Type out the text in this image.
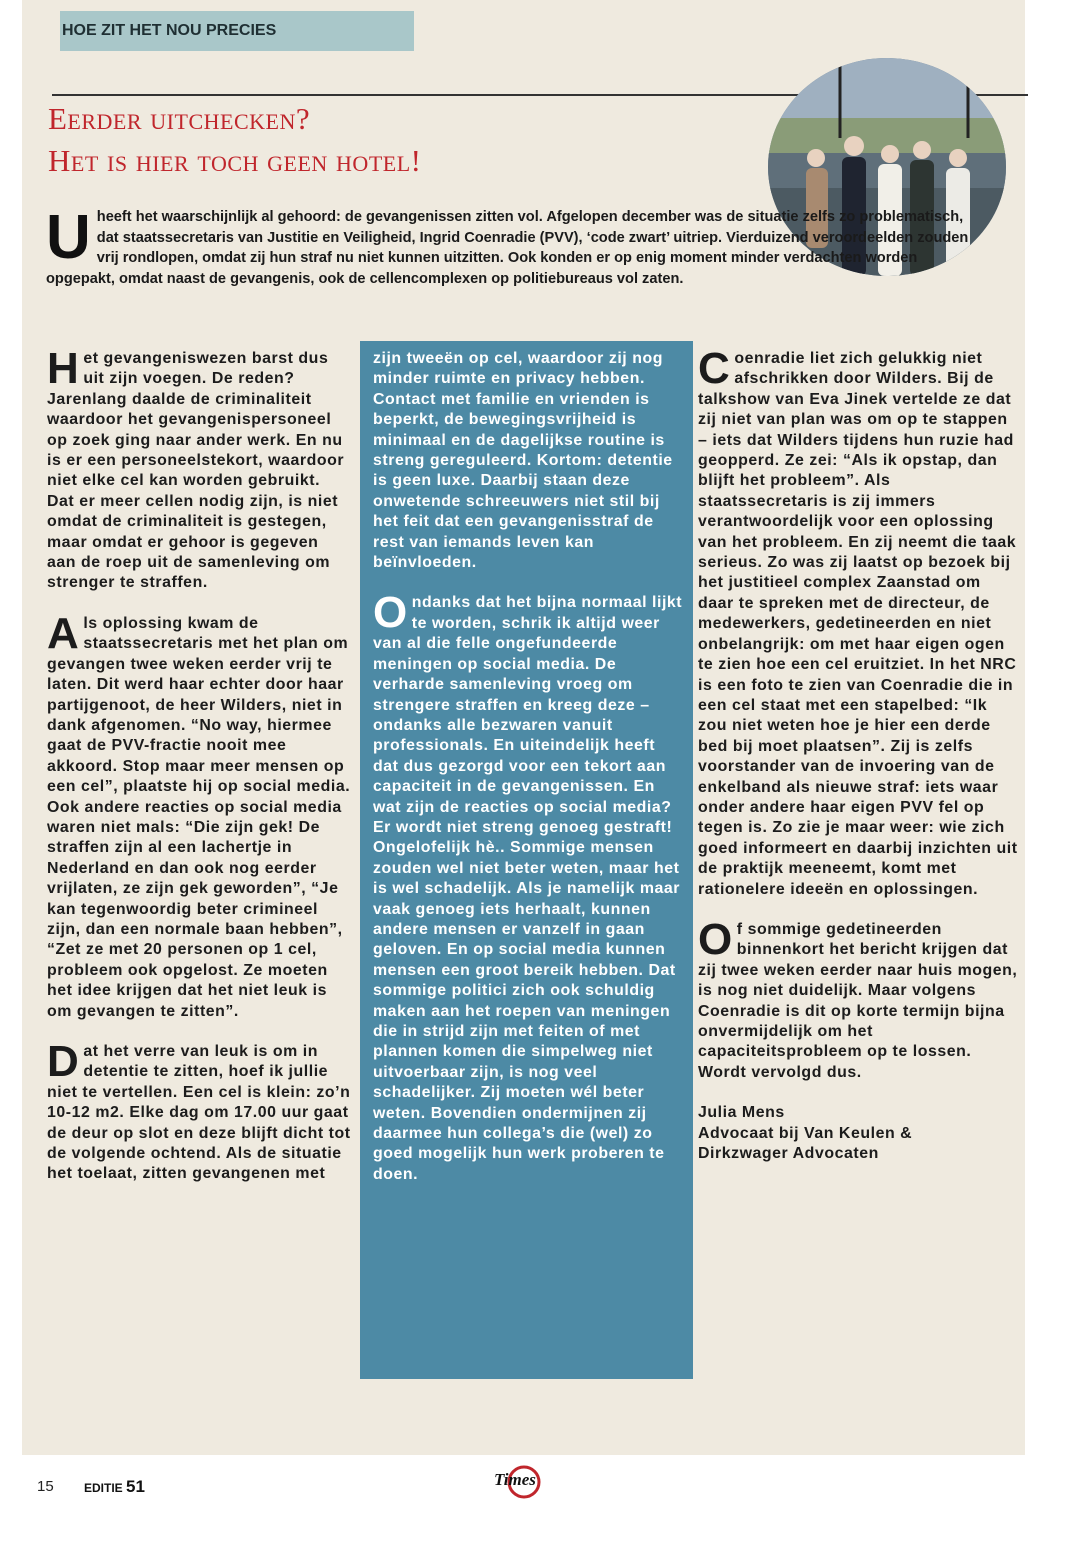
HOE ZIT HET NOU PRECIES
Eerder uitchecken?
Het is hier toch geen hotel!
U heeft het waarschijnlijk al gehoord: de gevangenissen zitten vol. Afgelopen december was de situatie zelfs zo problematisch, dat staatssecretaris van Justitie en Veiligheid, Ingrid Coenradie (PVV), ‘code zwart’ uitriep. Vierduizend veroordeelden zouden vrij rondlopen, omdat zij hun straf nu niet kunnen uitzitten. Ook konden er op enig moment minder verdachten worden opgepakt, omdat naast de gevangenis, ook de cellencomplexen op politiebureaus vol zaten.

Het gevangeniswezen barst dus uit zijn voegen. De reden? Jarenlang daalde de criminaliteit waardoor het gevangenispersoneel op zoek ging naar ander werk. En nu is er een personeelstekort, waardoor niet elke cel kan worden gebruikt. Dat er meer cellen nodig zijn, is niet omdat de criminaliteit is gestegen, maar omdat er gehoor is gegeven aan de roep uit de samenleving om strenger te straffen.

Als oplossing kwam de staatssecretaris met het plan om gevangen twee weken eerder vrij te laten. Dit werd haar echter door haar partijgenoot, de heer Wilders, niet in dank afgenomen. “No way, hiermee gaat de PVV-fractie nooit mee akkoord. Stop maar meer mensen op een cel”, plaatste hij op social media. Ook andere reacties op social media waren niet mals: “Die zijn gek! De straffen zijn al een lachertje in Nederland en dan ook nog eerder vrijlaten, ze zijn gek geworden”, “Je kan tegenwoordig beter crimineel zijn, dan een normale baan hebben”, “Zet ze met 20 personen op 1 cel, probleem ook opgelost. Ze moeten het idee krijgen dat het niet leuk is om gevangen te zitten”.

Dat het verre van leuk is om in detentie te zitten, hoef ik jullie niet te vertellen. Een cel is klein: zo’n 10-12 m2. Elke dag om 17.00 uur gaat de deur op slot en deze blijft dicht tot de volgende ochtend. Als de situatie het toelaat, zitten gevangenen met

zijn tweeën op cel, waardoor zij nog minder ruimte en privacy hebben. Contact met familie en vrienden is beperkt, de bewegingsvrijheid is minimaal en de dagelijkse routine is streng gereguleerd. Kortom: detentie is geen luxe. Daarbij staan deze onwetende schreeuwers niet stil bij het feit dat een gevangenisstraf de rest van iemands leven kan beïnvloeden.

Ondanks dat het bijna normaal lijkt te worden, schrik ik altijd weer van al die felle ongefundeerde meningen op social media. De verharde samenleving vroeg om strengere straffen en kreeg deze – ondanks alle bezwaren vanuit professionals. En uiteindelijk heeft dat dus gezorgd voor een tekort aan capaciteit in de gevangenissen. En wat zijn de reacties op social media? Er wordt niet streng genoeg gestraft! Ongelofelijk hè.. Sommige mensen zouden wel niet beter weten, maar het is wel schadelijk. Als je namelijk maar vaak genoeg iets herhaalt, kunnen andere mensen er vanzelf in gaan geloven. En op social media kunnen mensen een groot bereik hebben. Dat sommige politici zich ook schuldig maken aan het roepen van meningen die in strijd zijn met feiten of met plannen komen die simpelweg niet uitvoerbaar zijn, is nog veel schadelijker. Zij moeten wél beter weten. Bovendien ondermijnen zij daarmee hun collega’s die (wel) zo goed mogelijk hun werk proberen te doen.

Coenradie liet zich gelukkig niet afschrikken door Wilders. Bij de talkshow van Eva Jinek vertelde ze dat zij niet van plan was om op te stappen – iets dat Wilders tijdens hun ruzie had geopperd. Ze zei: “Als ik opstap, dan blijft het probleem”. Als staatssecretaris is zij immers verantwoordelijk voor een oplossing van het probleem. En zij neemt die taak serieus. Zo was zij laatst op bezoek bij het justitieel complex Zaanstad om daar te spreken met de directeur, de medewerkers, gedetineerden en niet onbelangrijk: om met haar eigen ogen te zien hoe een cel eruitziet. In het NRC is een foto te zien van Coenradie die in een cel staat met een stapelbed: “Ik zou niet weten hoe je hier een derde bed bij moet plaatsen”. Zij is zelfs voorstander van de invoering van de enkelband als nieuwe straf: iets waar onder andere haar eigen PVV fel op tegen is. Zo zie je maar weer: wie zich goed informeert en daarbij inzichten uit de praktijk meeneemt, komt met rationelere ideeën en oplossingen.

Of sommige gedetineerden binnenkort het bericht krijgen dat zij twee weken eerder naar huis mogen, is nog niet duidelijk. Maar volgens Coenradie is dit op korte termijn bijna onvermijdelijk om het capaciteitsprobleem op te lossen. Wordt vervolgd dus.

Julia Mens
Advocaat bij Van Keulen &
Dirkzwager Advocaten

15	EDITIE 51	Times
